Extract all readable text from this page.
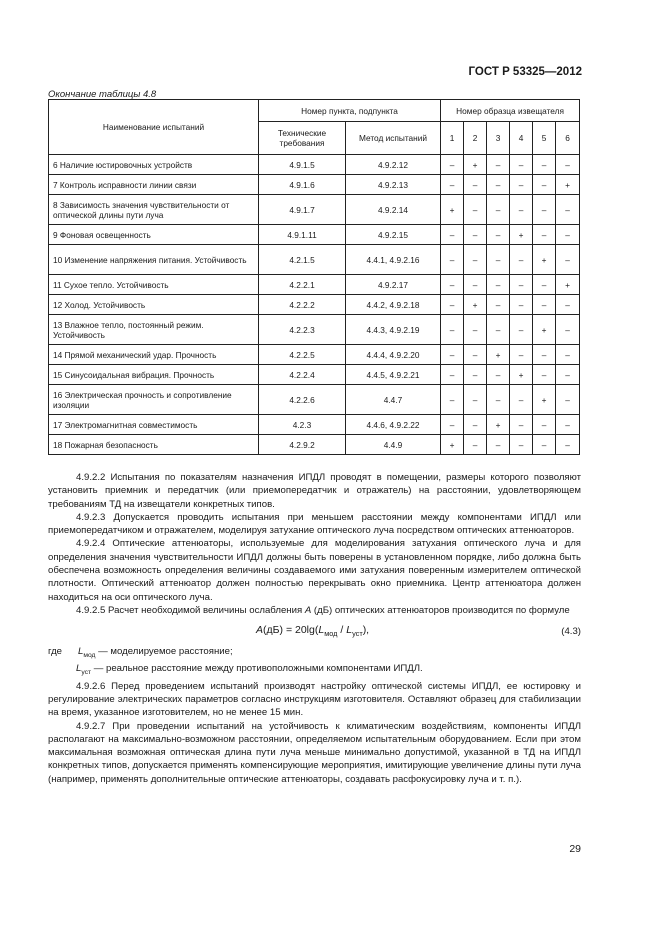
ГОСТ Р 53325—2012
Окончание таблицы 4.8
Наименование испытаний	Номер пункта, подпункта		Номер образца извещателя					
	Технические требования	Метод испытаний	1	2	3	4	5	6
6 Наличие юстировочных устройств	4.9.1.5	4.9.2.12	–	+	–	–	–	–
7 Контроль исправности линии связи	4.9.1.6	4.9.2.13	–	–	–	–	–	+
8 Зависимость значения чувствительности от оптической длины пути луча	4.9.1.7	4.9.2.14	+	–	–	–	–	–
9 Фоновая освещенность	4.9.1.11	4.9.2.15	–	–	–	+	–	–
10 Изменение напряжения питания. Устойчивость	4.2.1.5	4.4.1, 4.9.2.16	–	–	–	–	+	–
11 Сухое тепло. Устойчивость	4.2.2.1	4.9.2.17	–	–	–	–	–	+
12 Холод. Устойчивость	4.2.2.2	4.4.2, 4.9.2.18	–	+	–	–	–	–
13 Влажное тепло, постоянный режим. Устойчивость	4.2.2.3	4.4.3, 4.9.2.19	–	–	–	–	+	–
14 Прямой механический удар. Прочность	4.2.2.5	4.4.4, 4.9.2.20	–	–	+	–	–	–
15 Синусоидальная вибрация. Прочность	4.2.2.4	4.4.5, 4.9.2.21	–	–	–	+	–	–
16 Электрическая прочность и сопротивление изоляции	4.2.2.6	4.4.7	–	–	–	–	+	–
17 Электромагнитная совместимость	4.2.3	4.4.6, 4.9.2.22	–	–	+	–	–	–
18 Пожарная безопасность	4.2.9.2	4.4.9	+	–	–	–	–	–

4.9.2.2 Испытания по показателям назначения ИПДЛ проводят в помещении, размеры которого позволяют установить приемник и передатчик (или приемопередатчик и отражатель) на расстоянии, удовлетворяющем требованиям ТД на извещатели конкретных типов.

4.9.2.3 Допускается проводить испытания при меньшем расстоянии между компонентами ИПДЛ или приемопередатчиком и отражателем, моделируя затухание оптического луча посредством оптических аттенюаторов.

4.9.2.4 Оптические аттенюаторы, используемые для моделирования затухания оптического луча и для определения значения чувствительности ИПДЛ должны быть поверены в установленном порядке, либо должна быть обеспечена возможность определения величины создаваемого ими затухания поверенным измерителем оптической плотности. Оптический аттенюатор должен полностью перекрывать окно приемника. Центр аттенюатора должен находиться на оси оптического луча.

4.9.2.5 Расчет необходимой величины ослабления A (дБ) оптических аттенюаторов производится по формуле

$A(дБ) = 20\lg(L_{мод} / L_{уст})$,	(4.3)
где	$L_{мод}$ — моделируемое расстояние;
$L_{уст}$ — реальное расстояние между противоположными компонентами ИПДЛ.

4.9.2.6 Перед проведением испытаний производят настройку оптической системы ИПДЛ, ее юстировку и регулирование электрических параметров согласно инструкциям изготовителя. Оставляют образец для стабилизации на время, указанное изготовителем, но не менее 15 мин.

4.9.2.7 При проведении испытаний на устойчивость к климатическим воздействиям, компоненты ИПДЛ располагают на максимально-возможном расстоянии, определяемом испытательным оборудованием. Если при этом максимальная возможная оптическая длина пути луча меньше минимально допустимой, указанной в ТД на ИПДЛ конкретных типов, допускается применять компенсирующие мероприятия, имитирующие увеличение длины пути луча (например, применять дополнительные оптические аттенюаторы, создавать расфокусировку луча и т. п.).

29
